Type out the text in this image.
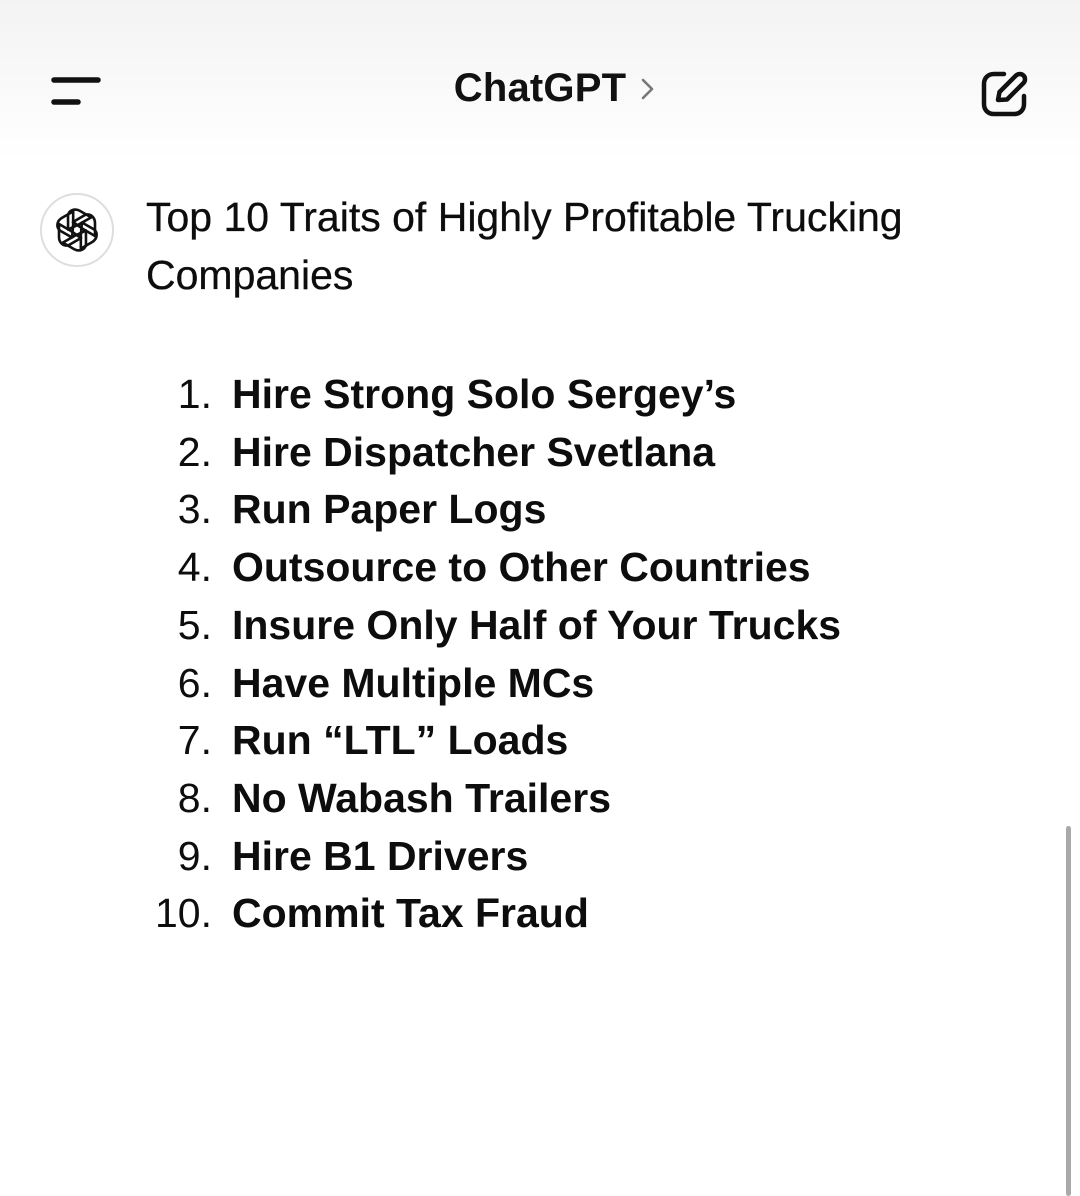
ChatGPT

Top 10 Traits of Highly Profitable Trucking Companies

1. Hire Strong Solo Sergey’s
2. Hire Dispatcher Svetlana
3. Run Paper Logs
4. Outsource to Other Countries
5. Insure Only Half of Your Trucks
6. Have Multiple MCs
7. Run “LTL” Loads
8. No Wabash Trailers
9. Hire B1 Drivers
10. Commit Tax Fraud
